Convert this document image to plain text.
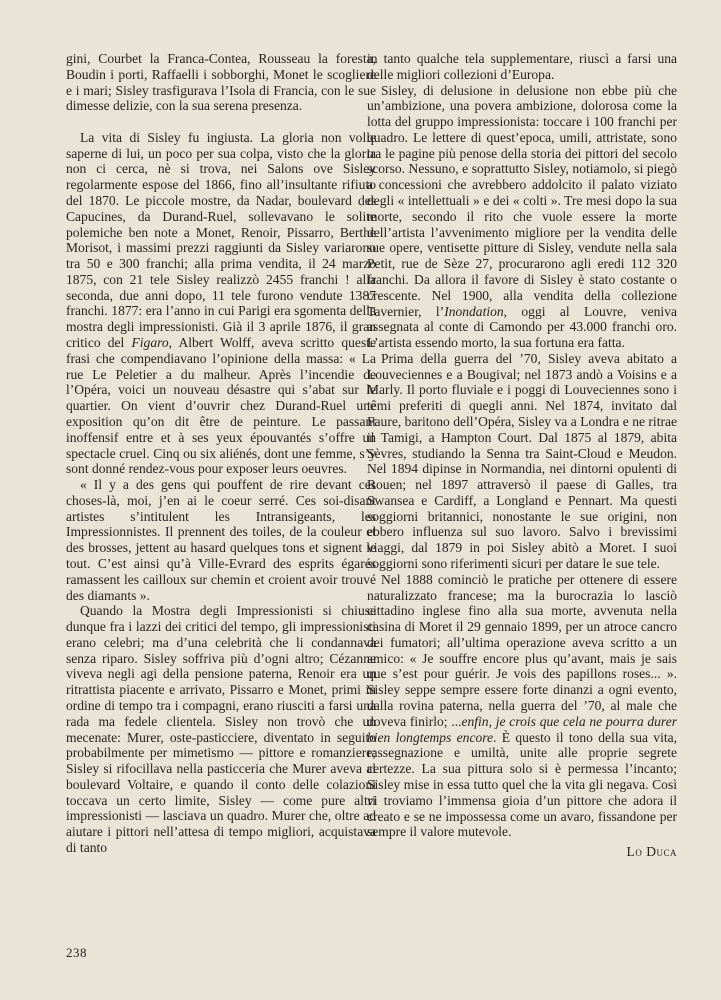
gini, Courbet la Franca-Contea, Rousseau la foresta, Boudin i porti, Raffaelli i sobborghi, Monet le scogliere e i mari; Sisley trasfigurava l’Isola di Francia, con le sue dimesse delizie, con la sua serena presenza.

La vita di Sisley fu ingiusta. La gloria non volle saperne di lui, un poco per sua colpa, visto che la gloria non ci cerca, nè si trova, nei Salons ove Sisley regolarmente espose del 1866, fino all’insultante rifiuto del 1870. Le piccole mostre, da Nadar, boulevard des Capucines, da Durand-Ruel, sollevavano le solite polemiche ben note a Monet, Renoir, Pissarro, Berthe Morisot, i massimi prezzi raggiunti da Sisley variarono tra 50 e 300 franchi; alla prima vendita, il 24 marzo 1875, con 21 tele Sisley realizzò 2455 franchi ! alla seconda, due anni dopo, 11 tele furono vendute 1387 franchi. 1877: era l’anno in cui Parigi era sgomenta della mostra degli impressionisti. Già il 3 aprile 1876, il gran critico del Figaro, Albert Wolff, aveva scritto queste frasi che compendiavano l’opinione della massa: « La rue Le Peletier a du malheur. Après l’incendie de l’Opéra, voici un nouveau désastre qui s’abat sur le quartier. On vient d’ouvrir chez Durand-Ruel une exposition qu’on dit être de peinture. Le passant inoffensif entre et à ses yeux épouvantés s’offre un spectacle cruel. Cinq ou six aliénés, dont une femme, s’y sont donné rendez-vous pour exposer leurs oeuvres.

« Il y a des gens qui pouffent de rire devant ces choses-là, moi, j’en ai le coeur serré. Ces soi-disant artistes s’intitulent les Intransigeants, les Impressionnistes. Il prennent des toiles, de la couleur et des brosses, jettent au hasard quelques tons et signent le tout. C’est ainsi qu’à Ville-Evrard des esprits égarés ramassent les cailloux sur chemin et croient avoir trouvé des diamants ».

Quando la Mostra degli Impressionisti si chiuse dunque fra i lazzi dei critici del tempo, gli impressionisti erano celebri; ma d’una celebrità che li condannava senza riparo. Sisley soffriva più d’ogni altro; Cézanne viveva negli agi della pensione paterna, Renoir era un ritrattista piacente e arrivato, Pissarro e Monet, primi in ordine di tempo tra i compagni, erano riusciti a farsi una rada ma fedele clientela. Sisley non trovò che un mecenate: Murer, oste-pasticciere, diventato in seguito probabilmente per mimetismo — pittore e romanziere; Sisley si rifocillava nella pasticceria che Murer aveva al boulevard Voltaire, e quando il conto delle colazioni toccava un certo limite, Sisley — come pure altri impressionisti — lasciava un quadro. Murer che, oltre ad aiutare i pittori nell’attesa di tempo migliori, acquistava di tanto

in tanto qualche tela supplementare, riuscì a farsi una delle migliori collezioni d’Europa.

Sisley, di delusione in delusione non ebbe più che un’ambizione, una povera ambizione, dolorosa come la lotta del gruppo impressionista: toccare i 100 franchi per quadro. Le lettere di quest’epoca, umili, attristate, sono tra le pagine più penose della storia dei pittori del secolo scorso. Nessuno, e soprattutto Sisley, notiamolo, si piegò a concessioni che avrebbero addolcito il palato viziato degli « intellettuali » e dei « colti ». Tre mesi dopo la sua morte, secondo il rito che vuole essere la morte dell’artista l’avvenimento migliore per la vendita delle sue opere, ventisette pitture di Sisley, vendute nella sala Petit, rue de Sèze 27, procurarono agli eredi 112 320 franchi. Da allora il favore di Sisley è stato costante o crescente. Nel 1900, alla vendita della collezione Tavernier, l’Inondation, oggi al Louvre, veniva assegnata al conte di Camondo per 43.000 franchi oro. L’artista essendo morto, la sua fortuna era fatta.

Prima della guerra del ’70, Sisley aveva abitato a Louveciennes e a Bougival; nel 1873 andò a Voisins e a Marly. Il porto fluviale e i poggi di Louveciennes sono i têmi preferiti di quegli anni. Nel 1874, invitato dal Faure, baritono dell’Opéra, Sisley va a Londra e ne ritrae il Tamigi, a Hampton Court. Dal 1875 al 1879, abita Sèvres, studiando la Senna tra Saint-Cloud e Meudon. Nel 1894 dipinse in Normandia, nei dintorni opulenti di Rouen; nel 1897 attraversò il paese di Galles, tra Swansea e Cardiff, a Longland e Pennart. Ma questi soggiorni britannici, nonostante le sue origini, non ebbero influenza sul suo lavoro. Salvo i brevissimi viaggi, dal 1879 in poi Sisley abitò a Moret. I suoi soggiorni sono riferimenti sicuri per datare le sue tele.

Nel 1888 cominciò le pratiche per ottenere di essere naturalizzato francese; ma la burocrazia lo lasciò cittadino inglese fino alla sua morte, avvenuta nella casina di Moret il 29 gennaio 1899, per un atroce cancro dei fumatori; all’ultima operazione aveva scritto a un amico: « Je souffre encore plus qu’avant, mais je sais que s’est pour guérir. Je vois des papillons roses... ». Sisley seppe sempre essere forte dinanzi a ogni evento, dalla rovina paterna, nella guerra del ’70, al male che doveva finirlo; ...enfin, je crois que cela ne pourra durer bien longtemps encore. È questo il tono della sua vita, rassegnazione e umiltà, unite alle proprie segrete certezze. La sua pittura solo si è permessa l’incanto; Sisley mise in essa tutto quel che la vita gli negava. Così vi troviamo l’immensa gioia d’un pittore che adora il creato e se ne impossessa come un avaro, fissandone per sempre il valore mutevole.

Lo Duca
238
